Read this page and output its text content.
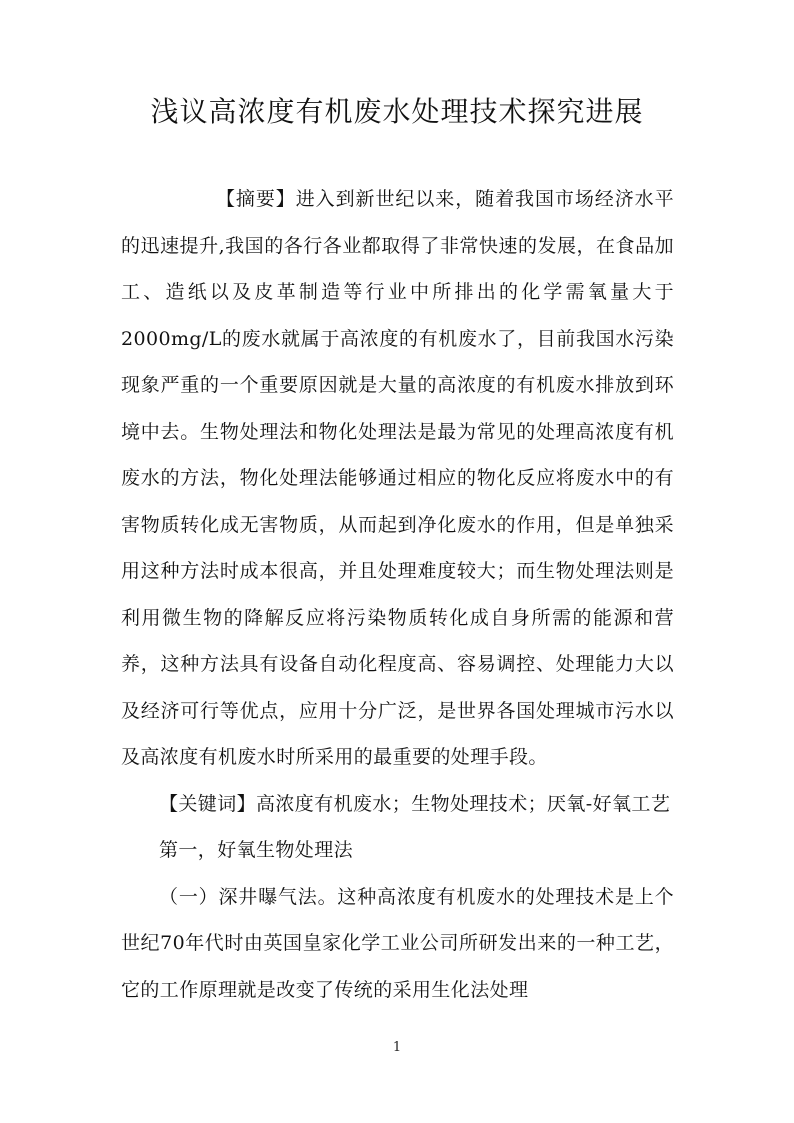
浅议高浓度有机废水处理技术探究进展

【摘要】进入到新世纪以来，随着我国市场经济水平的迅速提升,我国的各行各业都取得了非常快速的发展，在食品加工、造纸以及皮革制造等行业中所排出的化学需氧量大于2000mg/L的废水就属于高浓度的有机废水了，目前我国水污染现象严重的一个重要原因就是大量的高浓度的有机废水排放到环境中去。生物处理法和物化处理法是最为常见的处理高浓度有机废水的方法，物化处理法能够通过相应的物化反应将废水中的有害物质转化成无害物质，从而起到净化废水的作用，但是单独采用这种方法时成本很高，并且处理难度较大；而生物处理法则是利用微生物的降解反应将污染物质转化成自身所需的能源和营养，这种方法具有设备自动化程度高、容易调控、处理能力大以及经济可行等优点，应用十分广泛，是世界各国处理城市污水以及高浓度有机废水时所采用的最重要的处理手段。

【关键词】高浓度有机废水；生物处理技术；厌氧-好氧工艺

第一，好氧生物处理法

（一）深井曝气法。这种高浓度有机废水的处理技术是上个世纪70年代时由英国皇家化学工业公司所研发出来的一种工艺，它的工作原理就是改变了传统的采用生化法处理

1
